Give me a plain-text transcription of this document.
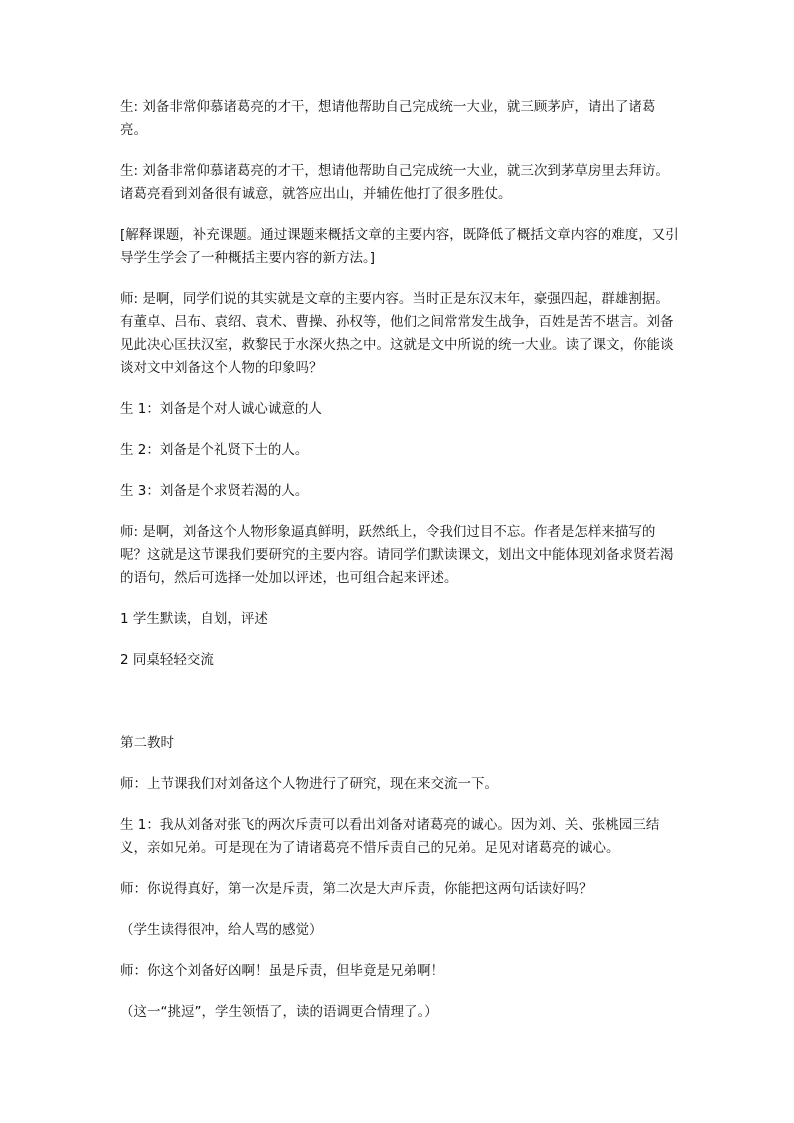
生: 刘备非常仰慕诸葛亮的才干，想请他帮助自己完成统一大业，就三顾茅庐，请出了诸葛亮。

生: 刘备非常仰慕诸葛亮的才干，想请他帮助自己完成统一大业，就三次到茅草房里去拜访。诸葛亮看到刘备很有诚意，就答应出山，并辅佐他打了很多胜仗。

[解释课题，补充课题。通过课题来概括文章的主要内容，既降低了概括文章内容的难度，又引导学生学会了一种概括主要内容的新方法。]

师: 是啊，同学们说的其实就是文章的主要内容。当时正是东汉末年，豪强四起，群雄割据。有董卓、吕布、袁绍、袁术、曹操、孙权等，他们之间常常发生战争，百姓是苦不堪言。刘备见此决心匡扶汉室，救黎民于水深火热之中。这就是文中所说的统一大业。读了课文，你能谈谈对文中刘备这个人物的印象吗？

生 1：刘备是个对人诚心诚意的人

生 2：刘备是个礼贤下士的人。

生 3：刘备是个求贤若渴的人。

师: 是啊，刘备这个人物形象逼真鲜明，跃然纸上，令我们过目不忘。作者是怎样来描写的呢？这就是这节课我们要研究的主要内容。请同学们默读课文，划出文中能体现刘备求贤若渴的语句，然后可选择一处加以评述，也可组合起来评述。

1 学生默读，自划，评述

2 同桌轻轻交流

第二教时

师：上节课我们对刘备这个人物进行了研究，现在来交流一下。

生 1：我从刘备对张飞的两次斥责可以看出刘备对诸葛亮的诚心。因为刘、关、张桃园三结义，亲如兄弟。可是现在为了请诸葛亮不惜斥责自己的兄弟。足见对诸葛亮的诚心。

师：你说得真好，第一次是斥责，第二次是大声斥责，你能把这两句话读好吗？

（学生读得很冲，给人骂的感觉）

师：你这个刘备好凶啊！虽是斥责，但毕竟是兄弟啊！

（这一“挑逗”，学生领悟了，读的语调更合情理了。）
